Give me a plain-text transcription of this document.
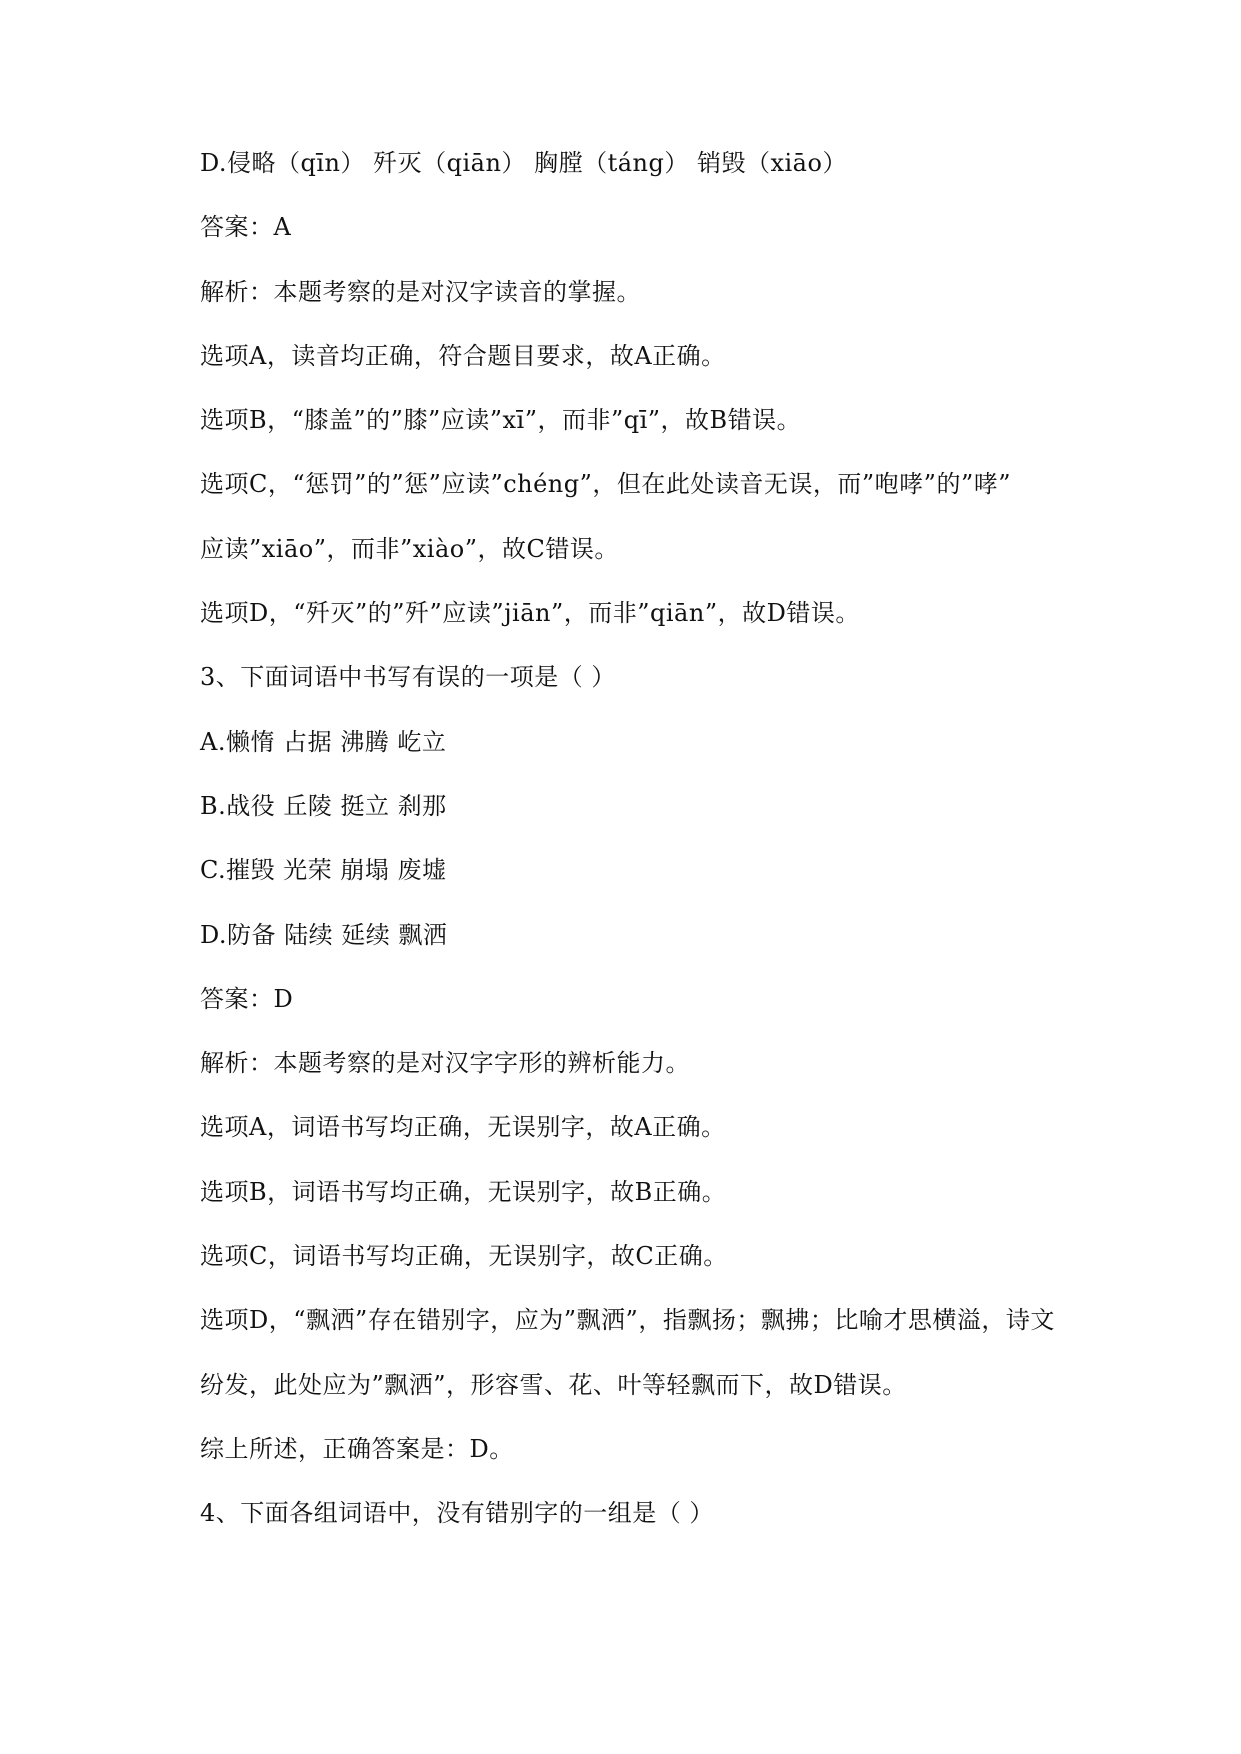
D.侵略（qīn） 歼灭（qiān） 胸膛（táng） 销毁（xiāo）
答案：A
解析：本题考察的是对汉字读音的掌握。
选项A，读音均正确，符合题目要求，故A正确。
选项B，“膝盖”的”膝”应读”xī”，而非”qī”，故B错误。
选项C，“惩罚”的”惩”应读”chéng”，但在此处读音无误，而”咆哮”的”哮”
应读”xiāo”，而非”xiào”，故C错误。
选项D，“歼灭”的”歼”应读”jiān”，而非”qiān”，故D错误。
3、下面词语中书写有误的一项是（ ）
A.懒惰 占据 沸腾 屹立
B.战役 丘陵 挺立 刹那
C.摧毁 光荣 崩塌 废墟
D.防备 陆续 延续 飘洒
答案：D
解析：本题考察的是对汉字字形的辨析能力。
选项A，词语书写均正确，无误别字，故A正确。
选项B，词语书写均正确，无误别字，故B正确。
选项C，词语书写均正确，无误别字，故C正确。
选项D，“飘洒”存在错别字，应为”飘洒”，指飘扬；飘拂；比喻才思横溢，诗文
纷发，此处应为”飘洒”，形容雪、花、叶等轻飘而下，故D错误。
综上所述，正确答案是：D。
4、下面各组词语中，没有错别字的一组是（ ）
